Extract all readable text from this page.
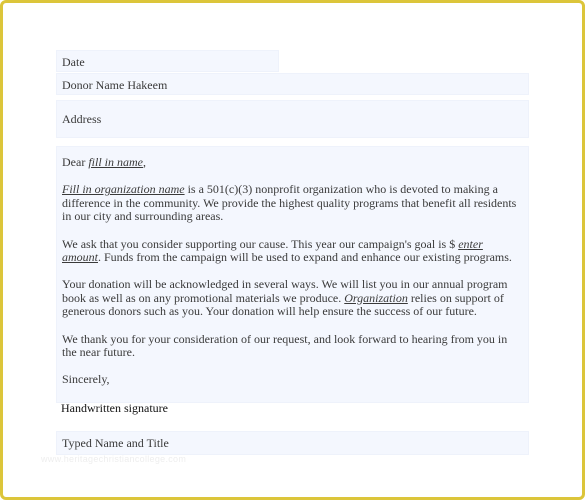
Date
Donor Name Hakeem
Address

Dear fill in name,

Fill in organization name is a 501(c)(3) nonprofit organization who is devoted to making a difference in the community. We provide the highest quality programs that benefit all residents in our city and surrounding areas.

We ask that you consider supporting our cause. This year our campaign's goal is $ enter amount. Funds from the campaign will be used to expand and enhance our existing programs.

Your donation will be acknowledged in several ways. We will list you in our annual program book as well as on any promotional materials we produce. Organization relies on support of generous donors such as you. Your donation will help ensure the success of our future.

We thank you for your consideration of our request, and look forward to hearing from you in the near future.

Sincerely,

Handwritten signature
Typed Name and Title
www.heritagechristiancollege.com
